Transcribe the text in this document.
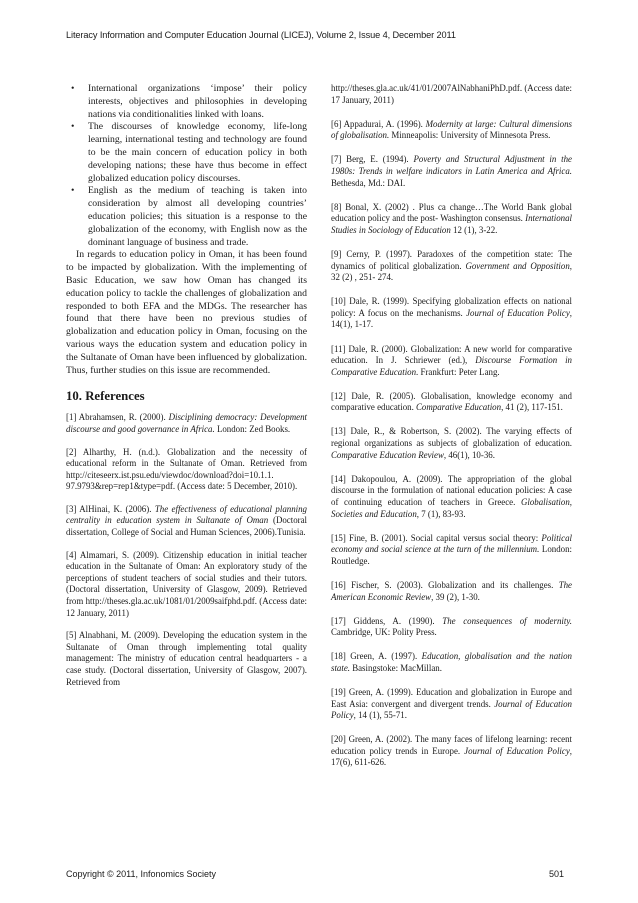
Literacy Information and Computer Education Journal (LICEJ), Volume 2, Issue 4, December 2011
• International organizations ‘impose’ their policy interests, objectives and philosophies in developing nations via conditionalities linked with loans.
• The discourses of knowledge economy, life-long learning, international testing and technology are found to be the main concern of education policy in both developing nations; these have thus become in effect globalized education policy discourses.
• English as the medium of teaching is taken into consideration by almost all developing countries’ education policies; this situation is a response to the globalization of the economy, with English now as the dominant language of business and trade.

In regards to education policy in Oman, it has been found to be impacted by globalization. With the implementing of Basic Education, we saw how Oman has changed its education policy to tackle the challenges of globalization and responded to both EFA and the MDGs. The researcher has found that there have been no previous studies of globalization and education policy in Oman, focusing on the various ways the education system and education policy in the Sultanate of Oman have been influenced by globalization. Thus, further studies on this issue are recommended.

10. References

[1] Abrahamsen, R. (2000). Disciplining democracy: Development discourse and good governance in Africa. London: Zed Books.

[2] Alharthy, H. (n.d.). Globalization and the necessity of educational reform in the Sultanate of Oman. Retrieved from http://citeseerx.ist.psu.edu/viewdoc/download?doi=10.1.1. 97.9793&rep=rep1&type=pdf. (Access date: 5 December, 2010).

[3] AlHinai, K. (2006). The effectiveness of educational planning centrality in education system in Sultanate of Oman (Doctoral dissertation, College of Social and Human Sciences, 2006).Tunisia.

[4] Almamari, S. (2009). Citizenship education in initial teacher education in the Sultanate of Oman: An exploratory study of the perceptions of student teachers of social studies and their tutors. (Doctoral dissertation, University of Glasgow, 2009). Retrieved from http://theses.gla.ac.uk/1081/01/2009saifphd.pdf. (Access date: 12 January, 2011)

[5] Alnabhani, M. (2009). Developing the education system in the Sultanate of Oman through implementing total quality management: The ministry of education central headquarters - a case study. (Doctoral dissertation, University of Glasgow, 2007). Retrieved from

http://theses.gla.ac.uk/41/01/2007AlNabhaniPhD.pdf. (Access date: 17 January, 2011)

[6] Appadurai, A. (1996). Modernity at large: Cultural dimensions of globalisation. Minneapolis: University of Minnesota Press.

[7] Berg, E. (1994). Poverty and Structural Adjustment in the 1980s: Trends in welfare indicators in Latin America and Africa. Bethesda, Md.: DAI.

[8] Bonal, X. (2002) . Plus ca change…The World Bank global education policy and the post- Washington consensus. International Studies in Sociology of Education 12 (1), 3-22.

[9] Cerny, P. (1997). Paradoxes of the competition state: The dynamics of political globalization. Government and Opposition, 32 (2) , 251- 274.

[10] Dale, R. (1999). Specifying globalization effects on national policy: A focus on the mechanisms. Journal of Education Policy, 14(1), 1-17.

[11] Dale, R. (2000). Globalization: A new world for comparative education. In J. Schriewer (ed.), Discourse Formation in Comparative Education. Frankfurt: Peter Lang.

[12] Dale, R. (2005). Globalisation, knowledge economy and comparative education. Comparative Education, 41 (2), 117-151.

[13] Dale, R., & Robertson, S. (2002). The varying effects of regional organizations as subjects of globalization of education. Comparative Education Review, 46(1), 10-36.

[14] Dakopoulou, A. (2009). The appropriation of the global discourse in the formulation of national education policies: A case of continuing education of teachers in Greece. Globalisation, Societies and Education, 7 (1), 83-93.

[15] Fine, B. (2001). Social capital versus social theory: Political economy and social science at the turn of the millennium. London: Routledge.

[16] Fischer, S. (2003). Globalization and its challenges. The American Economic Review, 39 (2), 1-30.

[17] Giddens, A. (1990). The consequences of modernity. Cambridge, UK: Polity Press.

[18] Green, A. (1997). Education, globalisation and the nation state. Basingstoke: MacMillan.

[19] Green, A. (1999). Education and globalization in Europe and East Asia: convergent and divergent trends. Journal of Education Policy, 14 (1), 55-71.

[20] Green, A. (2002). The many faces of lifelong learning: recent education policy trends in Europe. Journal of Education Policy, 17(6), 611-626.

Copyright © 2011, Infonomics Society	501
